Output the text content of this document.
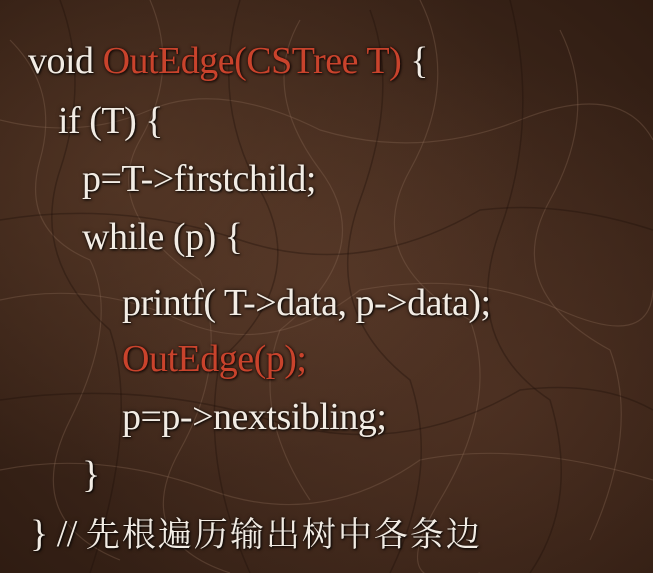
void OutEdge(CSTree T) {

if (T) {

p=T->firstchild;

while (p) {

printf( T->data, p->data);

OutEdge(p);

p=p->nextsibling;

}

} // 先根遍历输出树中各条边
